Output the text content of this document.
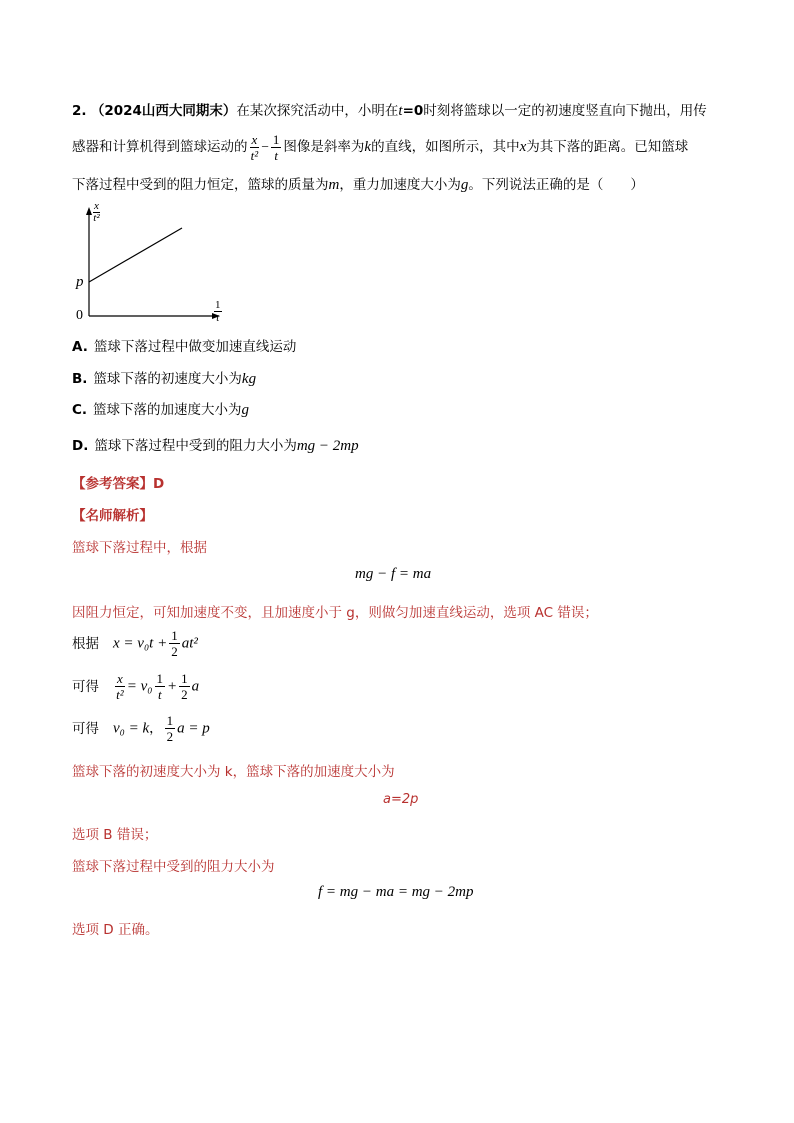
2. （2024山西大同期末）在某次探究活动中，小明在t=0时刻将篮球以一定的初速度竖直向下抛出，用传
感器和计算机得到篮球运动的 $\frac{x}{\text{t²}} - \frac{1}{t}$ 图像是斜率为k的直线，如图所示，其中x为其下落的距离。已知篮球
下落过程中受到的阻力恒定，篮球的质量为m，重力加速度大小为g。下列说法正确的是（　　）
$\frac{x}{\text{t²}}$
p
0	$\frac{1}{t}$
A. 篮球下落过程中做变加速直线运动
B. 篮球下落的初速度大小为kg
C. 篮球下落的加速度大小为g
D. 篮球下落过程中受到的阻力大小为mg − 2mp
【参考答案】D
【名师解析】
篮球下落过程中，根据
mg − f = ma
因阻力恒定，可知加速度不变，且加速度小于 g，则做匀加速直线运动，选项 AC 错误；
根据 $x = v_0t + \frac{1}{2} at^2$
可得 $\frac{x}{\text{t²}} = v_0 \frac{1}{t} + \frac{1}{2}$ a
可得 v₀ = k， $\frac{1}{2}$ a = p
篮球下落的初速度大小为 k，篮球下落的加速度大小为
a=2p
选项 B 错误；
篮球下落过程中受到的阻力大小为
f = mg − ma = mg − 2mp
选项 D 正确。
